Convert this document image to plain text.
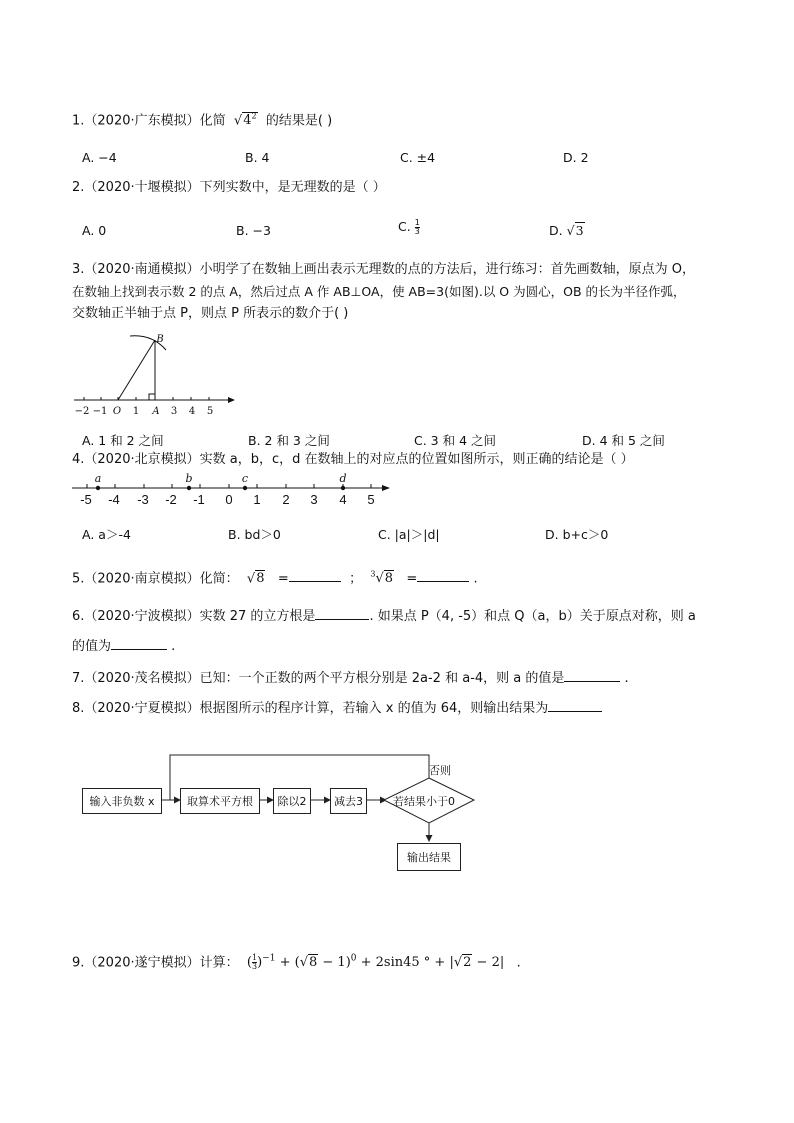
1.（2020·广东模拟）化简  $√4^2$ 的结果是( )
A. −4	B. 4	C. ±4	D. 2
2.（2020·十堰模拟）下列实数中，是无理数的是（ ）
A. 0	B. −3	C. $\frac{1}{3}$	D. √3
3.（2020·南通模拟）小明学了在数轴上画出表示无理数的点的方法后，进行练习：首先画数轴，原点为 O，
在数轴上找到表示数 2 的点 A，然后过点 A 作 AB⊥OA，使 AB=3(如图).以 O 为圆心，OB 的长为半径作弧，
交数轴正半轴于点 P，则点 P 所表示的数介于( )
−2 −1 O 1 A 3 4 5
B
A. 1 和 2 之间	B. 2 和 3 之间	C. 3 和 4 之间	D. 4 和 5 之间
4.（2020·北京模拟）实数 a，b，c，d 在数轴上的对应点的位置如图所示，则正确的结论是（ ）
-5 -4 -3 -2 -1 0 1 2 3 4 5
a	b	c	d
A. a＞-4	B. bd＞0	C. |a|＞|d|	D. b+c＞0
5.（2020·南京模拟）化简：  √8 =	； $^3$√8 =	.
6.（2020·宁波模拟）实数 27 的立方根是	. 如果点 P（4, -5）和点 Q（a，b）关于原点对称，则 a
的值为	.
7.（2020·茂名模拟）已知：一个正数的两个平方根分别是 2a-2 和 a-4，则 a 的值是	.
8.（2020·宁夏模拟）根据图所示的程序计算，若输入 x 的值为 64，则输出结果为
输入非负数 x	取算术平方根 除以2	减去3	若结果小于0
否则
输出结果
9.（2020·遂宁模拟）计算：  ( $\frac{1}{3} )^{-1} + (√8 - 1)^0 + 2\sin 45$ ° + |√2 − 2| .
